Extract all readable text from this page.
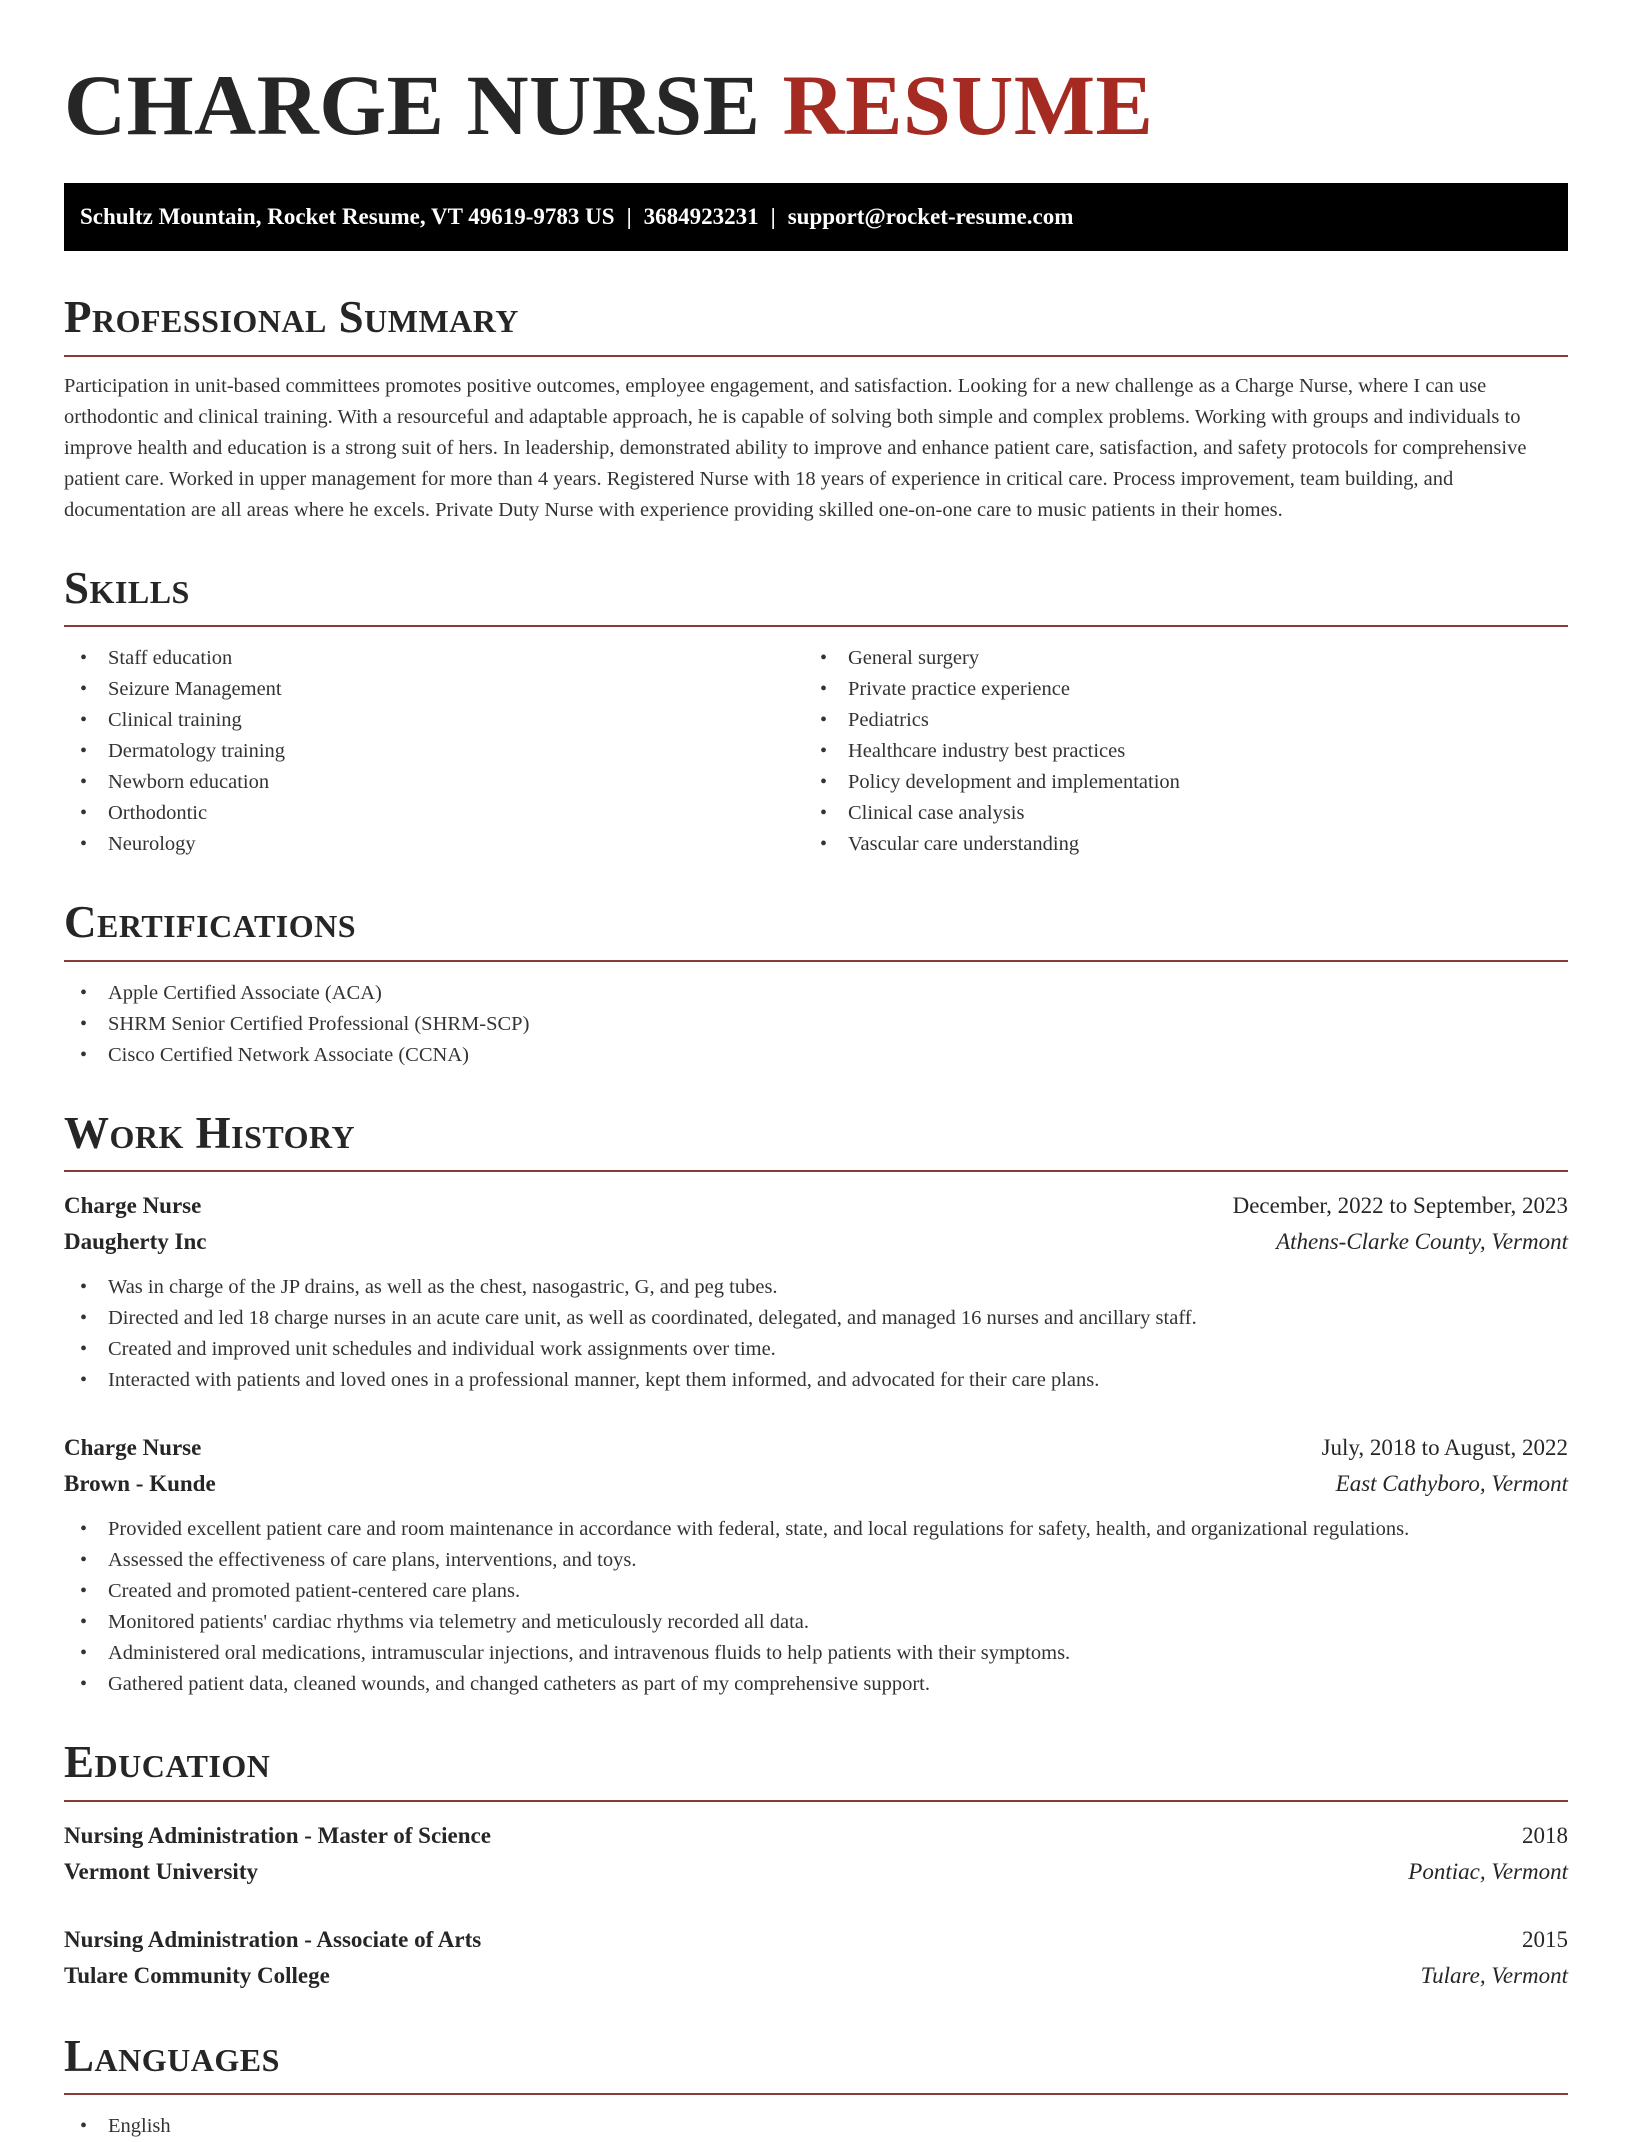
CHARGE NURSE RESUME
Schultz Mountain, Rocket Resume, VT 49619-9783 US | 3684923231 | support@rocket-resume.com
Professional Summary

Participation in unit-based committees promotes positive outcomes, employee engagement, and satisfaction. Looking for a new challenge as a Charge Nurse, where I can use orthodontic and clinical training. With a resourceful and adaptable approach, he is capable of solving both simple and complex problems. Working with groups and individuals to improve health and education is a strong suit of hers. In leadership, demonstrated ability to improve and enhance patient care, satisfaction, and safety protocols for comprehensive patient care. Worked in upper management for more than 4 years. Registered Nurse with 18 years of experience in critical care. Process improvement, team building, and documentation are all areas where he excels. Private Duty Nurse with experience providing skilled one-on-one care to music patients in their homes.

Skills
• Staff education
• Seizure Management
• Clinical training
• Dermatology training
• Newborn education
• Orthodontic
• Neurology
• General surgery
• Private practice experience
• Pediatrics
• Healthcare industry best practices
• Policy development and implementation
• Clinical case analysis
• Vascular care understanding
Certifications
• Apple Certified Associate (ACA)
• SHRM Senior Certified Professional (SHRM-SCP)
• Cisco Certified Network Associate (CCNA)
Work History
Charge Nurse	December, 2022 to September, 2023
Daugherty Inc	Athens-Clarke County, Vermont
• Was in charge of the JP drains, as well as the chest, nasogastric, G, and peg tubes.
• Directed and led 18 charge nurses in an acute care unit, as well as coordinated, delegated, and managed 16 nurses and ancillary staff.
• Created and improved unit schedules and individual work assignments over time.
• Interacted with patients and loved ones in a professional manner, kept them informed, and advocated for their care plans.
Charge Nurse	July, 2018 to August, 2022
Brown - Kunde	East Cathyboro, Vermont
• Provided excellent patient care and room maintenance in accordance with federal, state, and local regulations for safety, health, and organizational regulations.
• Assessed the effectiveness of care plans, interventions, and toys.
• Created and promoted patient-centered care plans.
• Monitored patients' cardiac rhythms via telemetry and meticulously recorded all data.
• Administered oral medications, intramuscular injections, and intravenous fluids to help patients with their symptoms.
• Gathered patient data, cleaned wounds, and changed catheters as part of my comprehensive support.
Education
Nursing Administration - Master of Science	2018
Vermont University	Pontiac, Vermont
Nursing Administration - Associate of Arts	2015
Tulare Community College	Tulare, Vermont
Languages
• English
